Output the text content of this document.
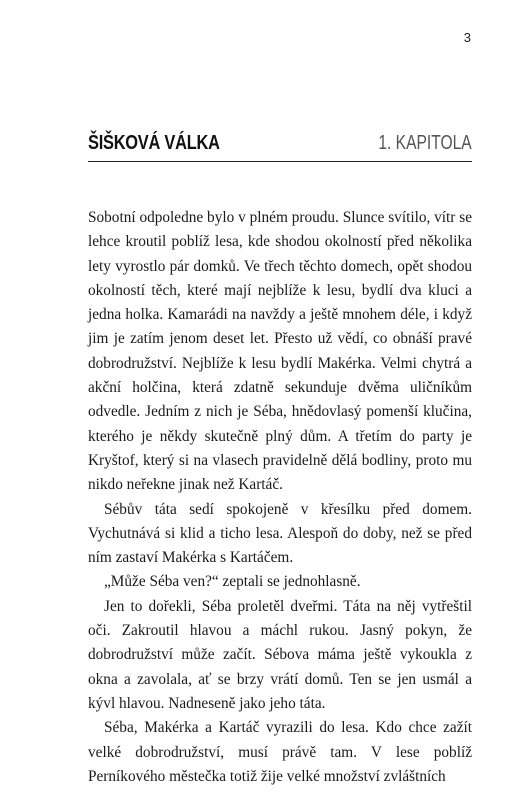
3
ŠIŠKOVÁ VÁLKA	1. KAPITOLA

Sobotní odpoledne bylo v plném proudu. Slunce svítilo, vítr se lehce kroutil poblíž lesa, kde shodou okolností před několika lety vyrostlo pár domků. Ve třech těchto domech, opět shodou okolností těch, které mají nejblíže k lesu, bydlí dva kluci a jedna holka. Kamarádi na navždy a ještě mnohem déle, i když jim je zatím jenom deset let. Přesto už vědí, co obnáší pravé dobrodružství. Nejblíže k lesu bydlí Makérka. Velmi chytrá a akční holčina, která zdatně sekunduje dvěma uličníkům odvedle. Jedním z nich je Séba, hnědovlasý pomenší klučina, kterého je někdy skutečně plný dům. A třetím do party je Kryštof, který si na vlasech pravidelně dělá bodliny, proto mu nikdo neřekne jinak než Kartáč.

Sébův táta sedí spokojeně v křesílku před domem. Vychutnává si klid a ticho lesa. Alespoň do doby, než se před ním zastaví Makérka s Kartáčem.

„Může Séba ven?“ zeptali se jednohlasně.

Jen to dořekli, Séba proletěl dveřmi. Táta na něj vytřeštil oči. Zakroutil hlavou a máchl rukou. Jasný pokyn, že dobrodružství může začít. Sébova máma ještě vykoukla z okna a zavolala, ať se brzy vrátí domů. Ten se jen usmál a kývl hlavou. Nadneseně jako jeho táta.

Séba, Makérka a Kartáč vyrazili do lesa. Kdo chce zažít velké dobrodružství, musí právě tam. V lese poblíž Perníkového městečka totiž žije velké množství zvláštních
